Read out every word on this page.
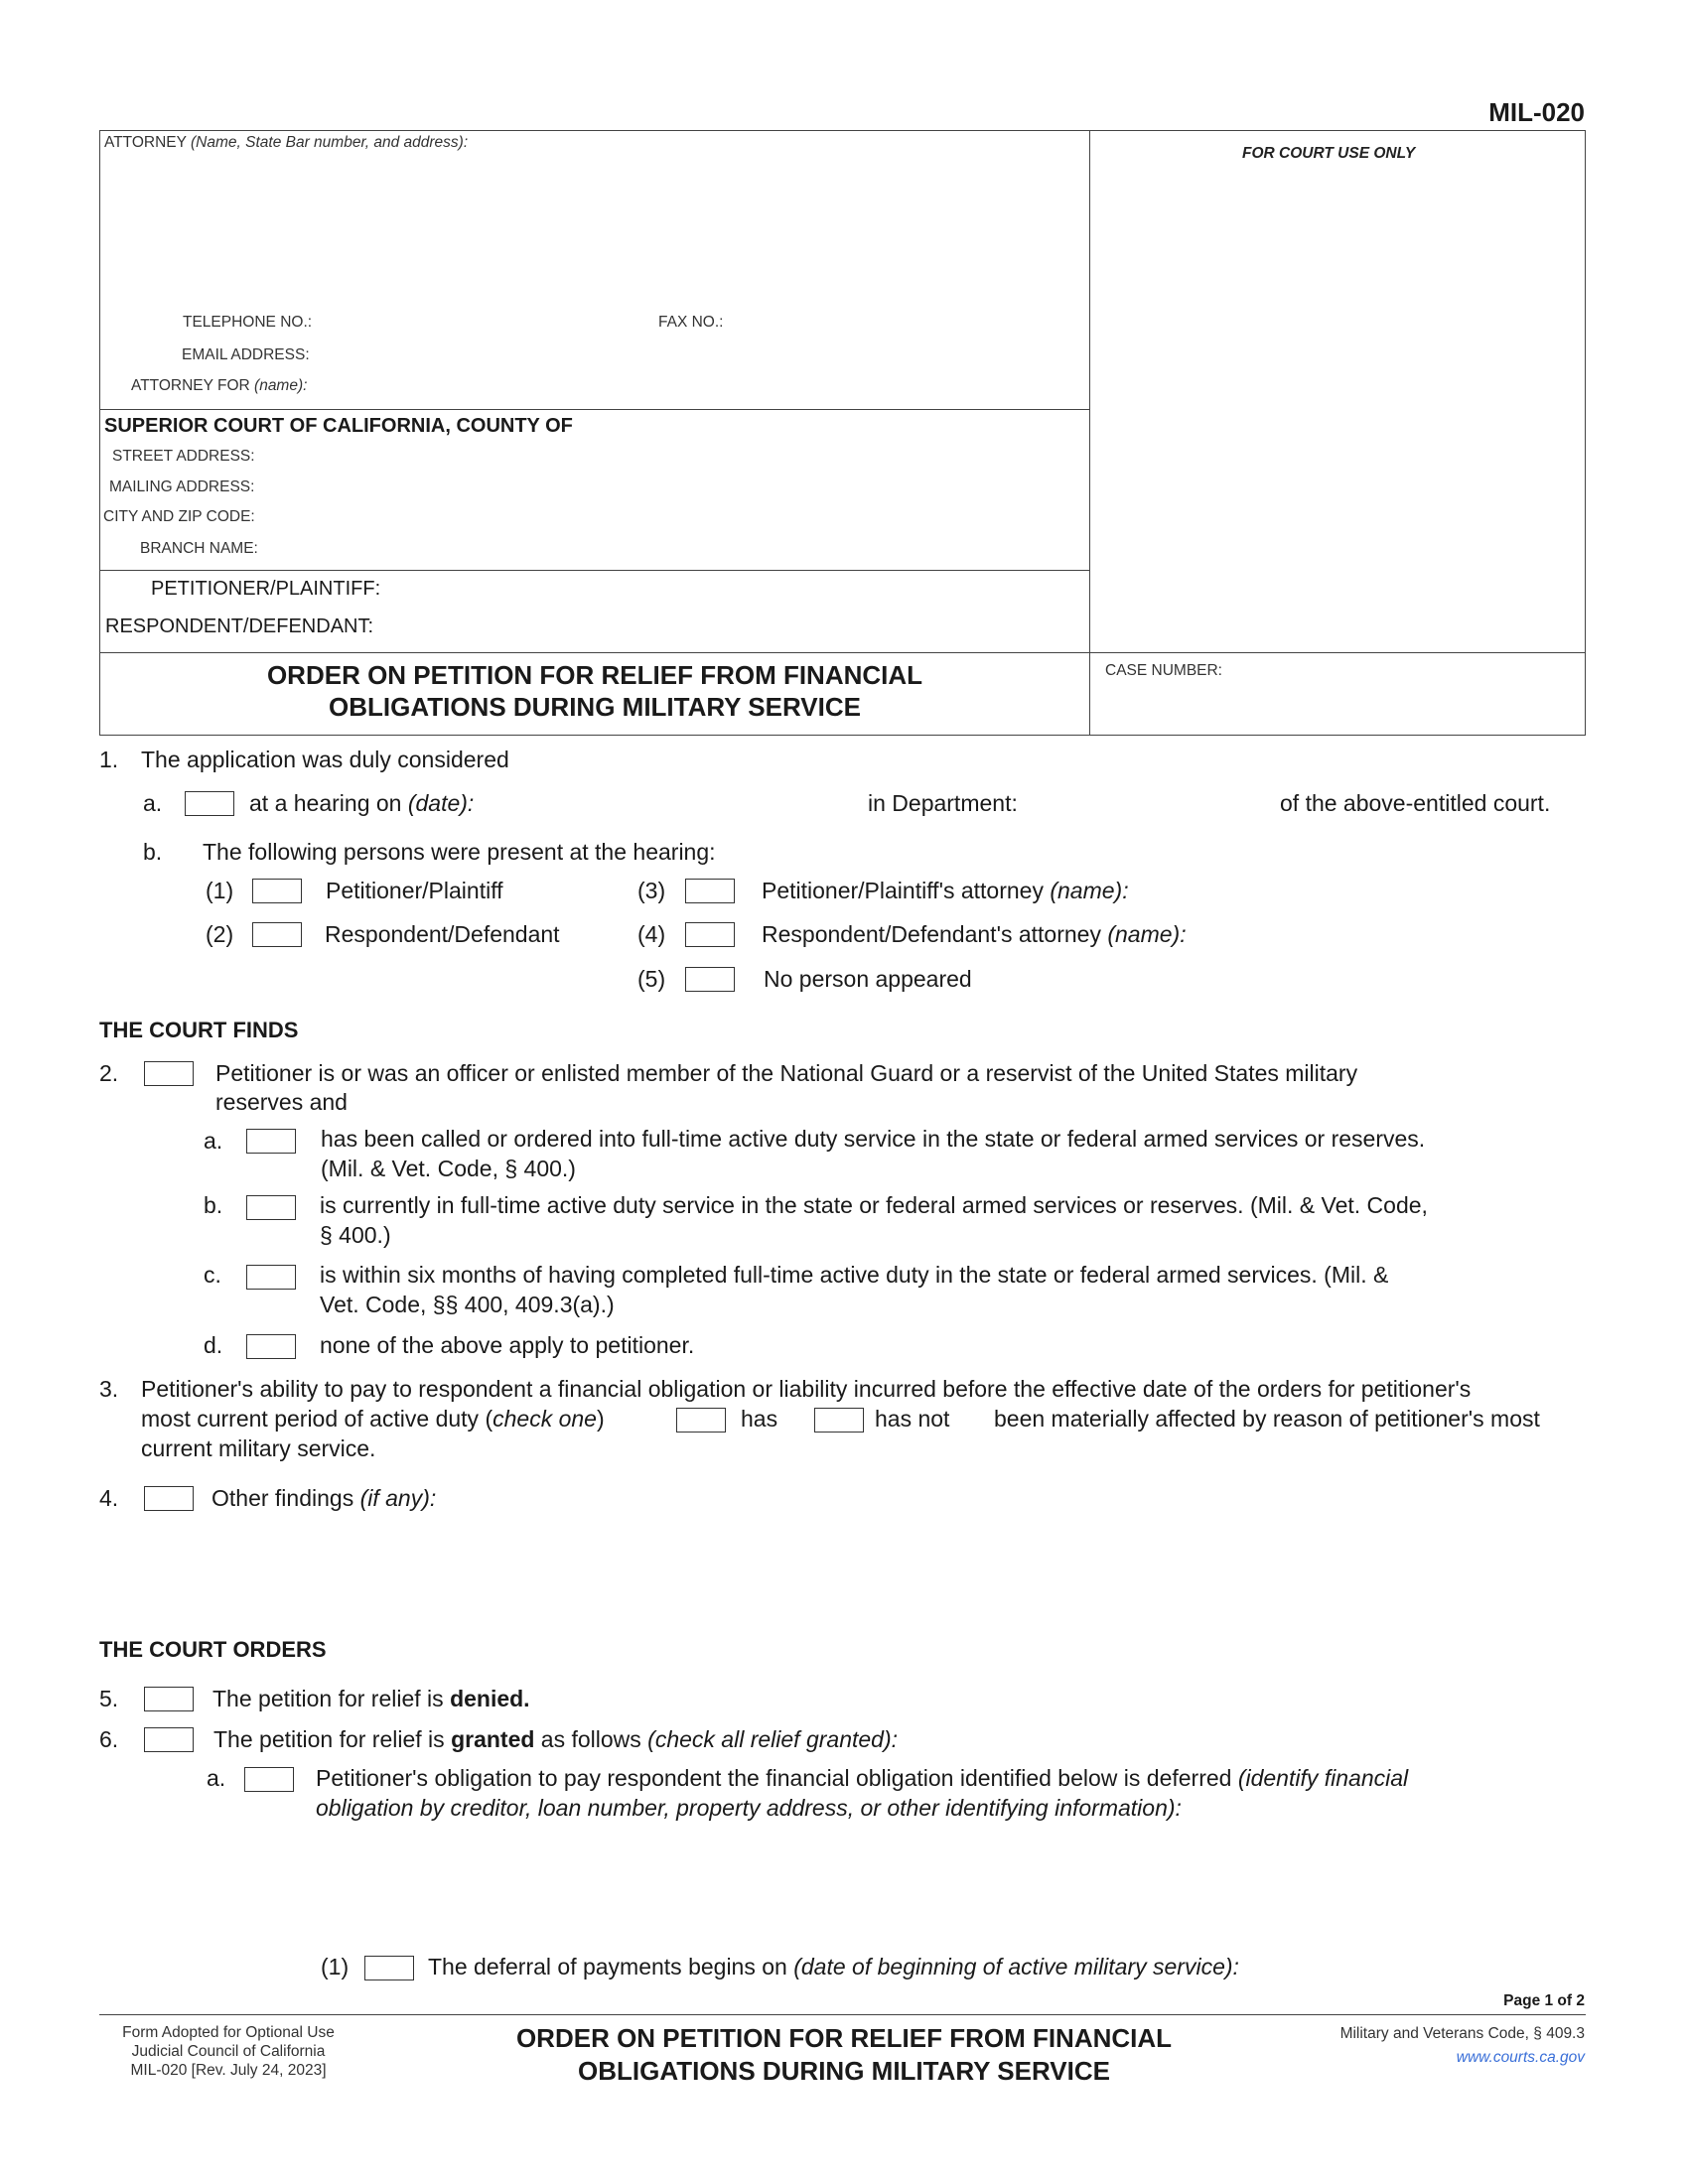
MIL-020
ATTORNEY (Name, State Bar number, and address):
FOR COURT USE ONLY
TELEPHONE NO.:	FAX NO.:
EMAIL ADDRESS:
ATTORNEY FOR (name):
SUPERIOR COURT OF CALIFORNIA, COUNTY OF
STREET ADDRESS:
MAILING ADDRESS:
CITY AND ZIP CODE:
BRANCH NAME:
PETITIONER/PLAINTIFF:
RESPONDENT/DEFENDANT:
ORDER ON PETITION FOR RELIEF FROM FINANCIAL
OBLIGATIONS DURING MILITARY SERVICE
CASE NUMBER:
1. The application was duly considered
a.	at a hearing on (date):	in Department:	of the above-entitled court.
b. The following persons were present at the hearing:
(1)	Petitioner/Plaintiff
(2)	Respondent/Defendant
(3)	Petitioner/Plaintiff's attorney (name):
(4)	Respondent/Defendant's attorney (name):
(5)	No person appeared
THE COURT FINDS
2.	Petitioner is or was an officer or enlisted member of the National Guard or a reservist of the United States military
reserves and
a.	has been called or ordered into full-time active duty service in the state or federal armed services or reserves.
(Mil. & Vet. Code, § 400.)
b.	is currently in full-time active duty service in the state or federal armed services or reserves. (Mil. & Vet. Code,
§ 400.)
c.	is within six months of having completed full-time active duty in the state or federal armed services. (Mil. &
Vet. Code, §§ 400, 409.3(a).)
d.	none of the above apply to petitioner.
3. Petitioner's ability to pay to respondent a financial obligation or liability incurred before the effective date of the orders for petitioner's
most current period of active duty (check one)	has	has not been materially affected by reason of petitioner's most
current military service.
4.	Other findings (if any):
THE COURT ORDERS
5.	The petition for relief is denied.
6.	The petition for relief is granted as follows (check all relief granted):
a.	Petitioner's obligation to pay respondent the financial obligation identified below is deferred (identify financial
obligation by creditor, loan number, property address, or other identifying information):
(1)	The deferral of payments begins on (date of beginning of active military service):
Page 1 of 2
Form Adopted for Optional Use
Judicial Council of California
MIL-020 [Rev. July 24, 2023]
ORDER ON PETITION FOR RELIEF FROM FINANCIAL
OBLIGATIONS DURING MILITARY SERVICE
Military and Veterans Code, § 409.3
www.courts.ca.gov
